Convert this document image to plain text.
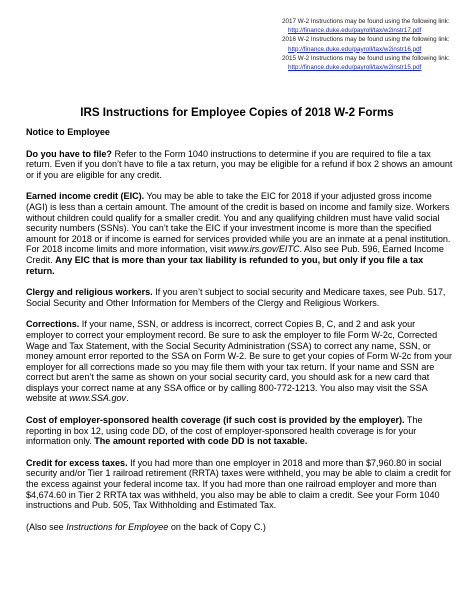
2017 W-2 Instructions may be found using the following link:
http://finance.duke.edu/payroll/tax/w2instr17.pdf
2016 W-2 Instructions may be found using the following link:
http://finance.duke.edu/payroll/tax/w2instr16.pdf
2015 W-2 Instructions may be found using the following link:
http://finance.duke.edu/payroll/tax/w2instr15.pdf
IRS Instructions for Employee Copies of 2018 W-2 Forms

Notice to Employee

Do you have to file? Refer to the Form 1040 instructions to determine if you are required to file a tax return. Even if you don’t have to file a tax return, you may be eligible for a refund if box 2 shows an amount or if you are eligible for any credit.

Earned income credit (EIC). You may be able to take the EIC for 2018 if your adjusted gross income (AGI) is less than a certain amount. The amount of the credit is based on income and family size. Workers without children could qualify for a smaller credit. You and any qualifying children must have valid social security numbers (SSNs). You can’t take the EIC if your investment income is more than the specified amount for 2018 or if income is earned for services provided while you are an inmate at a penal institution. For 2018 income limits and more information, visit www.irs.gov/EITC. Also see Pub. 596, Earned Income Credit. Any EIC that is more than your tax liability is refunded to you, but only if you file a tax return.

Clergy and religious workers. If you aren’t subject to social security and Medicare taxes, see Pub. 517, Social Security and Other Information for Members of the Clergy and Religious Workers.

Corrections. If your name, SSN, or address is incorrect, correct Copies B, C, and 2 and ask your employer to correct your employment record. Be sure to ask the employer to file Form W-2c, Corrected Wage and Tax Statement, with the Social Security Administration (SSA) to correct any name, SSN, or money amount error reported to the SSA on Form W-2. Be sure to get your copies of Form W-2c from your employer for all corrections made so you may file them with your tax return. If your name and SSN are correct but aren’t the same as shown on your social security card, you should ask for a new card that displays your correct name at any SSA office or by calling 800-772-1213. You also may visit the SSA website at www.SSA.gov.

Cost of employer-sponsored health coverage (if such cost is provided by the employer). The reporting in box 12, using code DD, of the cost of employer-sponsored health coverage is for your information only. The amount reported with code DD is not taxable.

Credit for excess taxes. If you had more than one employer in 2018 and more than $7,960.80 in social security and/or Tier 1 railroad retirement (RRTA) taxes were withheld, you may be able to claim a credit for the excess against your federal income tax. If you had more than one railroad employer and more than $4,674.60 in Tier 2 RRTA tax was withheld, you also may be able to claim a credit. See your Form 1040 instructions and Pub. 505, Tax Withholding and Estimated Tax.

(Also see Instructions for Employee on the back of Copy C.)
